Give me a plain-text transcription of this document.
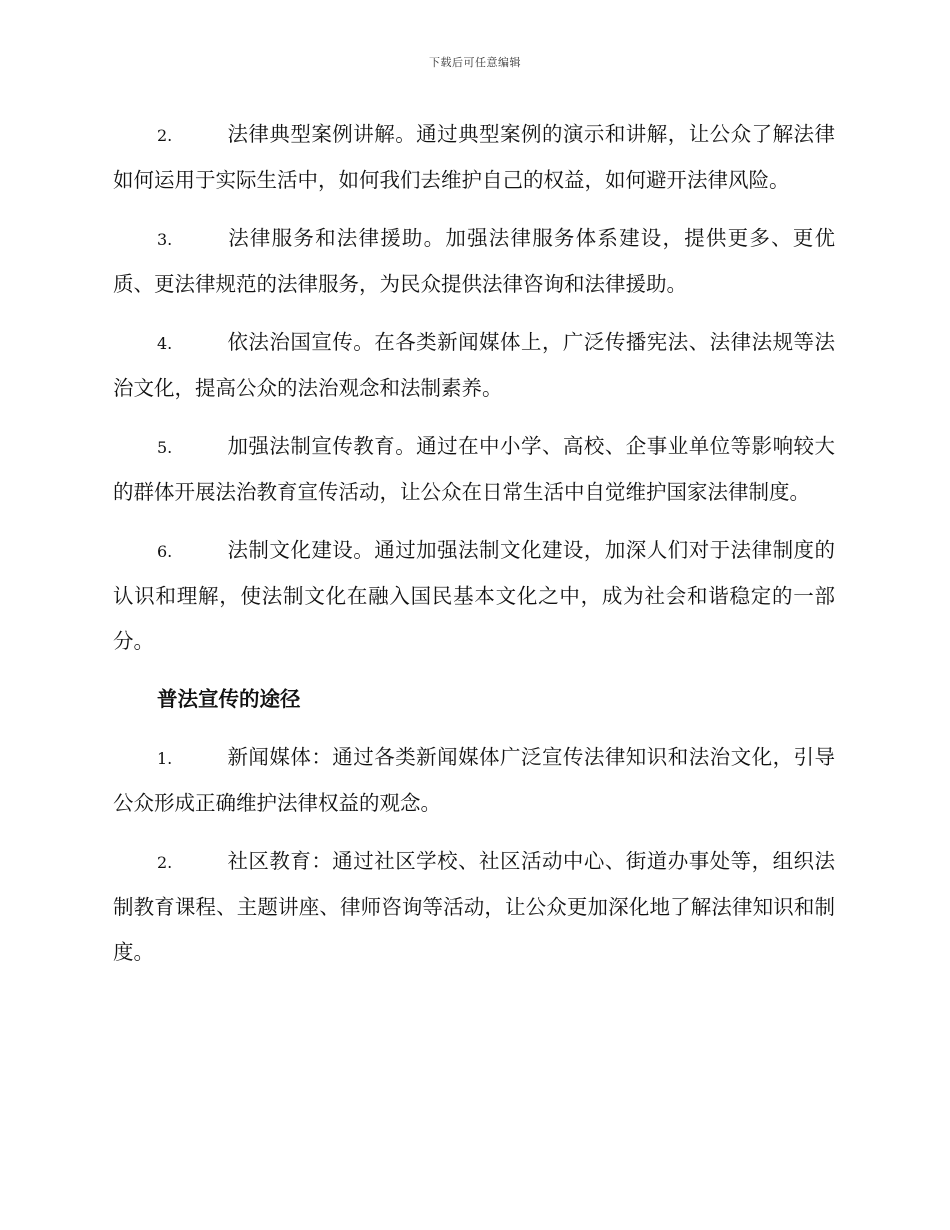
下载后可任意编辑
2.	法律典型案例讲解。通过典型案例的演示和讲解，让公众了解法律如何运用于实际生活中，如何我们去维护自己的权益，如何避开法律风险。
3.	法律服务和法律援助。加强法律服务体系建设，提供更多、更优质、更法律规范的法律服务，为民众提供法律咨询和法律援助。
4.	依法治国宣传。在各类新闻媒体上，广泛传播宪法、法律法规等法治文化，提高公众的法治观念和法制素养。
5.	加强法制宣传教育。通过在中小学、高校、企事业单位等影响较大的群体开展法治教育宣传活动，让公众在日常生活中自觉维护国家法律制度。
6.	法制文化建设。通过加强法制文化建设，加深人们对于法律制度的认识和理解，使法制文化在融入国民基本文化之中，成为社会和谐稳定的一部分。
普法宣传的途径
1.	新闻媒体：通过各类新闻媒体广泛宣传法律知识和法治文化，引导公众形成正确维护法律权益的观念。
2.	社区教育：通过社区学校、社区活动中心、街道办事处等，组织法制教育课程、主题讲座、律师咨询等活动，让公众更加深化地了解法律知识和制度。
